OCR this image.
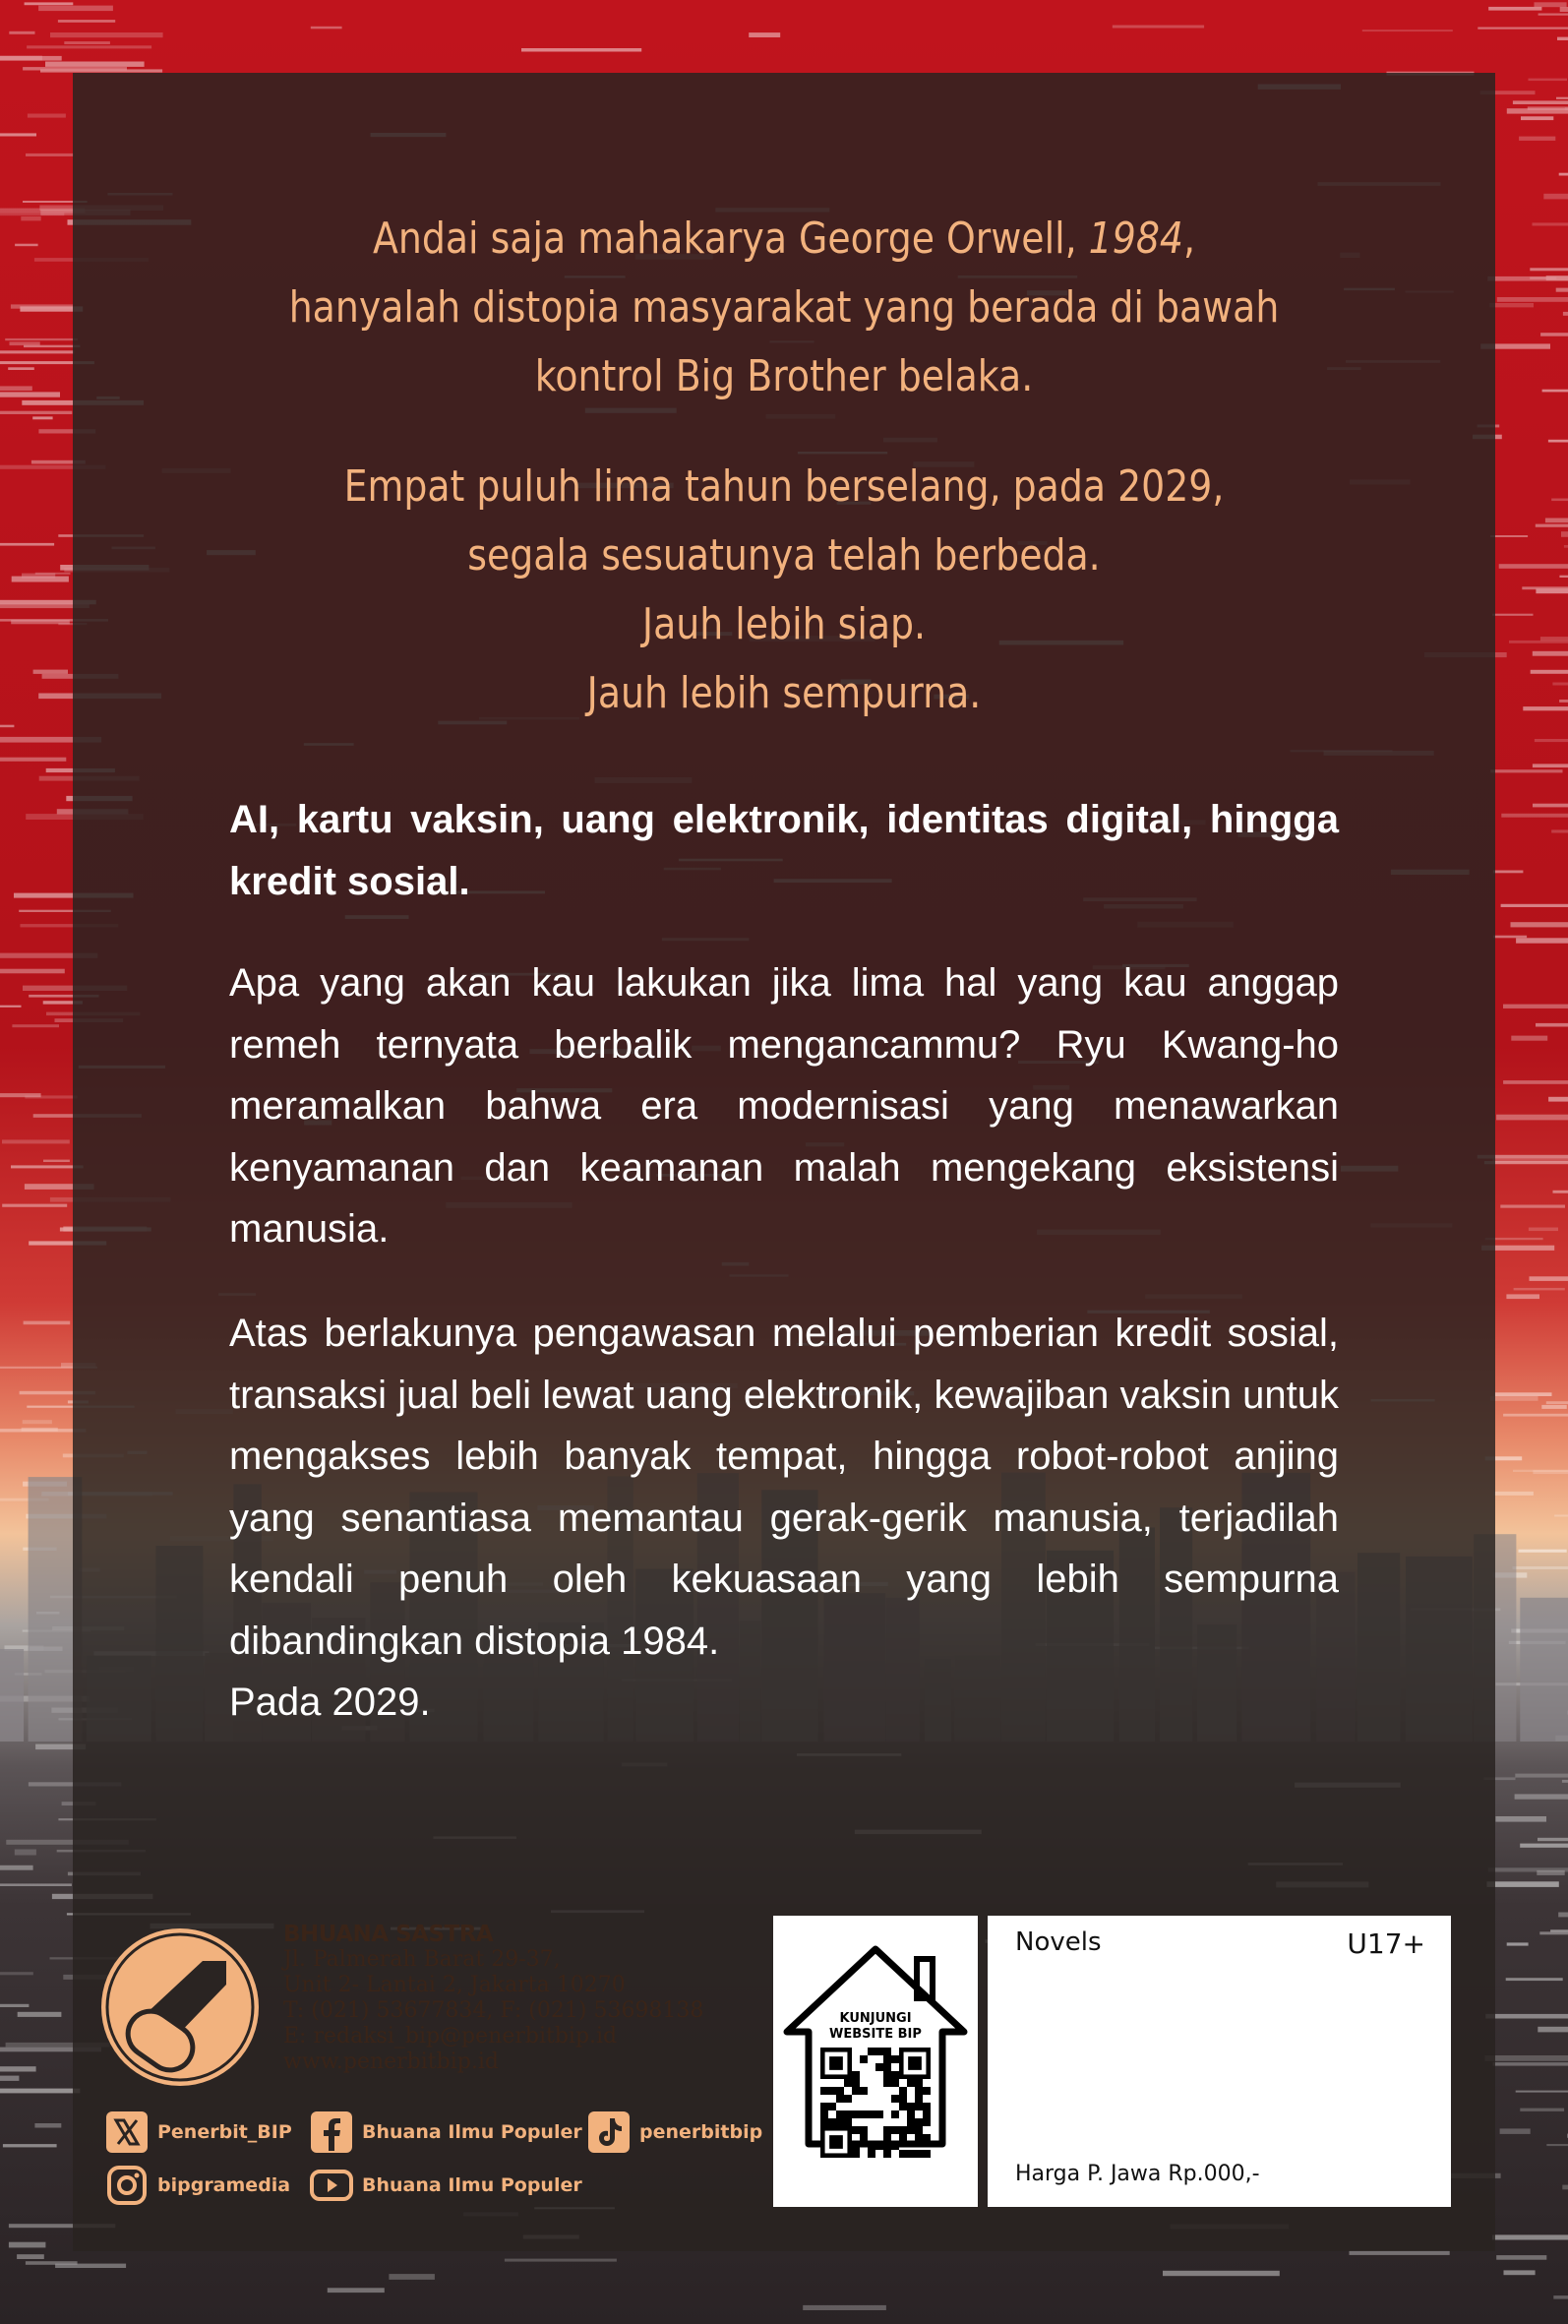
Andai saja mahakarya George Orwell, 1984,
hanyalah distopia masyarakat yang berada di bawah
kontrol Big Brother belaka.
Empat puluh lima tahun berselang, pada 2029,
segala sesuatunya telah berbeda.
Jauh lebih siap.
Jauh lebih sempurna.

AI, kartu vaksin, uang elektronik, identitas digital, hingga kredit sosial.

Apa yang akan kau lakukan jika lima hal yang kau anggap remeh ternyata berbalik mengancammu? Ryu Kwang-ho meramalkan bahwa era modernisasi yang menawarkan kenyamanan dan keamanan malah mengekang eksistensi manusia.

Atas berlakunya pengawasan melalui pemberian kredit sosial, transaksi jual beli lewat uang elektronik, kewajiban vaksin untuk mengakses lebih banyak tempat, hingga robot-robot anjing yang senantiasa memantau gerak-gerik manusia, terjadilah kendali penuh oleh kekuasaan yang lebih sempurna dibandingkan distopia 1984.

Pada 2029.

BHUANA SASTRA
Jl. Palmerah Barat 29-37,
Unit 2- Lantai 2, Jakarta 10270
T: (021) 53677834, F: (021) 53698138
E: redaksi_bip@penerbitbip.id
www.penerbitbip.id
Penerbit_BIP	Bhuana Ilmu Populer	penerbitbip
bipgramedia	Bhuana Ilmu Populer
KUNJUNGI
WEBSITE BIP
Novels	U17+
Harga P. Jawa Rp.000,-
